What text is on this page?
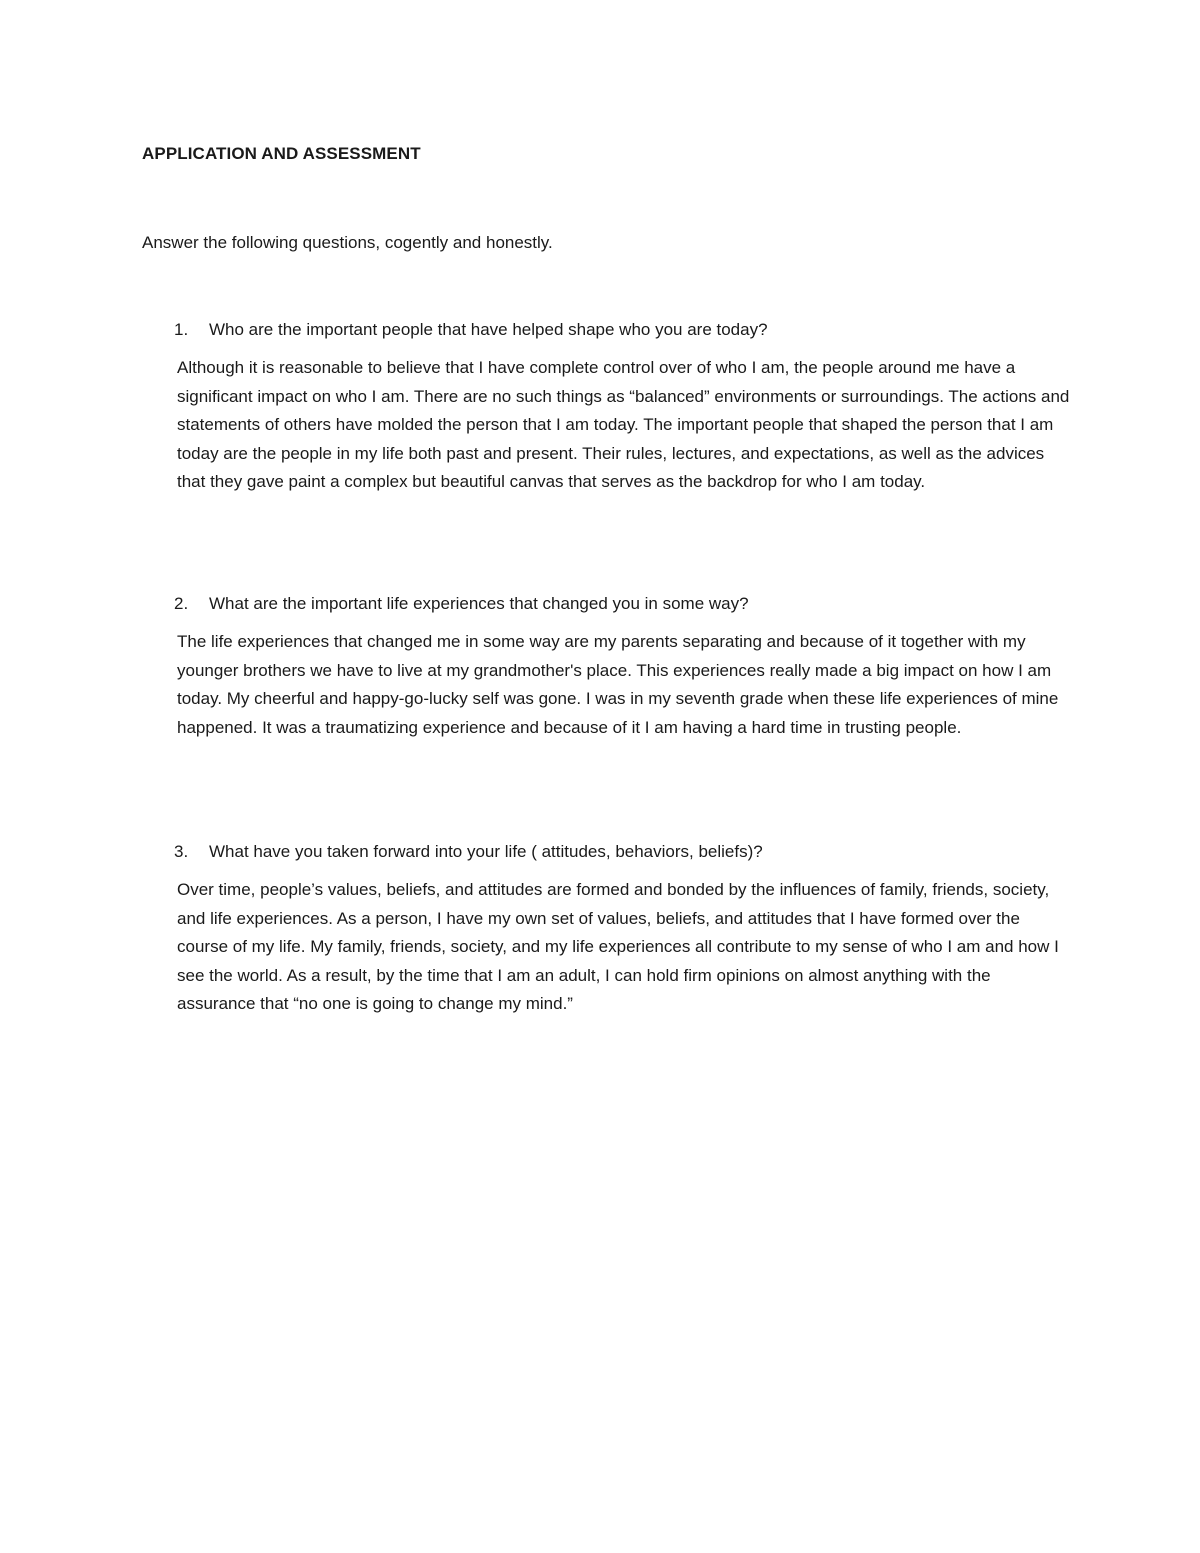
APPLICATION AND ASSESSMENT

Answer the following questions, cogently and honestly.

1.	Who are the important people that have helped shape who you are today?

Although it is reasonable to believe that I have complete control over of who I am, the people around me have a significant impact on who I am. There are no such things as “balanced” environments or surroundings. The actions and statements of others have molded the person that I am today. The important people that shaped the person that I am today are the people in my life both past and present. Their rules, lectures, and expectations, as well as the advices that they gave paint a complex but beautiful canvas that serves as the backdrop for who I am today.

2.	What are the important life experiences that changed you in some way?

The life experiences that changed me in some way are my parents separating and because of it together with my younger brothers we have to live at my grandmother's place. This experiences really made a big impact on how I am today. My cheerful and happy-go-lucky self was gone. I was in my seventh grade when these life experiences of mine happened. It was a traumatizing experience and because of it I am having a hard time in trusting people.

3.	What have you taken forward into your life ( attitudes, behaviors, beliefs)?

Over time, people’s values, beliefs, and attitudes are formed and bonded by the influences of family, friends, society, and life experiences. As a person, I have my own set of values, beliefs, and attitudes that I have formed over the course of my life. My family, friends, society, and my life experiences all contribute to my sense of who I am and how I see the world. As a result, by the time that I am an adult, I can hold firm opinions on almost anything with the assurance that “no one is going to change my mind.”
